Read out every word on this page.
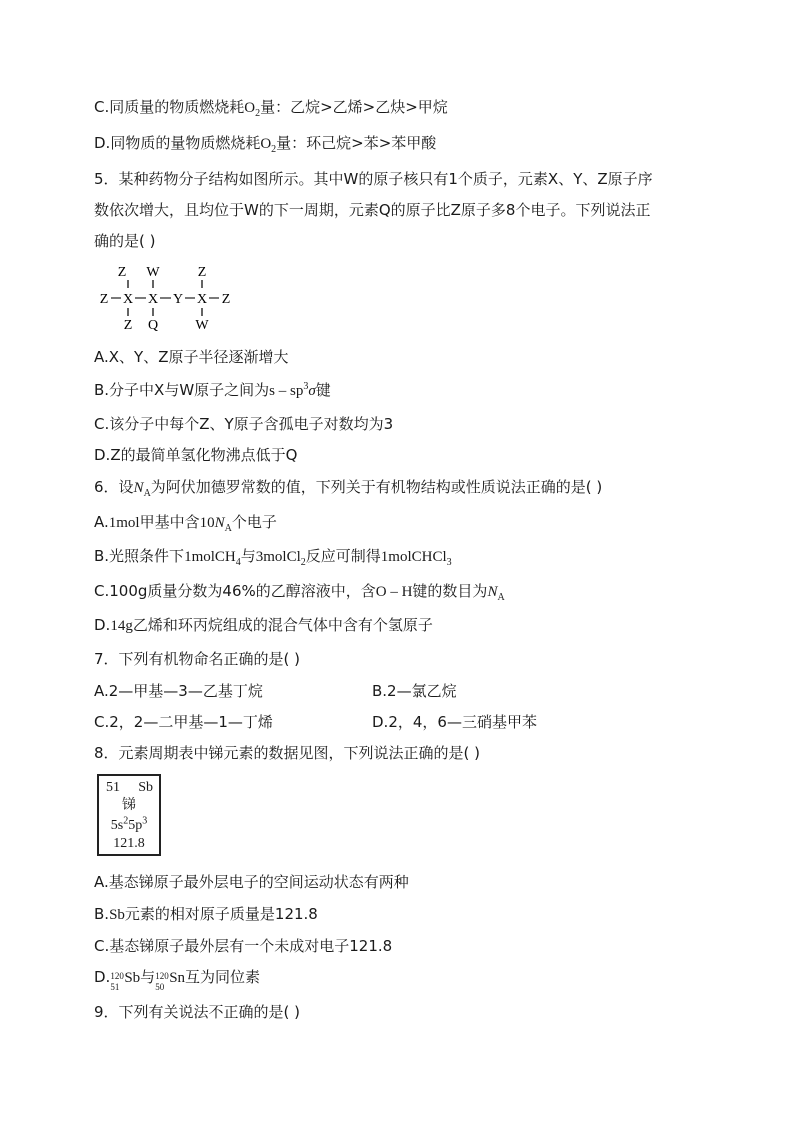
C.同质量的物质燃烧耗$O_2$量：乙烷>乙烯>乙炔>甲烷
D.同物质的量物质燃烧耗$O_2$量：环己烷>苯>苯甲酸
5．某种药物分子结构如图所示。其中W的原子核只有1个质子，元素X、Y、Z原子序
数依次增大，且均位于W的下一周期，元素Q的原子比Z原子多8个电子。下列说法正
确的是( )
Z W	Z
Z X X Y X Z
Z Q	W
A.X、Y、Z原子半径逐渐增大
B.分子中X与W原子之间为s – $sp^3\sigma$键
C.该分子中每个Z、Y原子含孤电子对数均为3
D.Z的最简单氢化物沸点低于Q
6．设$N_A$为阿伏加德罗常数的值，下列关于有机物结构或性质说法正确的是( )
A.1mol甲基中含$10N_A$个电子
B.光照条件下1molCH$_4$与3molCl$_2$反应可制得1molCHCl$_3$
C.100g质量分数为46%的乙醇溶液中，含O – H键的数目为$N_A$
D.14g乙烯和环丙烷组成的混合气体中含有个氢原子
7．下列有机物命名正确的是( )
A.2—甲基—3—乙基丁烷	B.2—氯乙烷
C.2，2—二甲基—1—丁烯	D.2，4，6—三硝基甲苯
8．元素周期表中锑元素的数据见图，下列说法正确的是( )
51 Sb
锑
$5s^25p^3$
121.8
A.基态锑原子最外层电子的空间运动状态有两种
B.Sb元素的相对原子质量是121.8
C.基态锑原子最外层有一个未成对电子121.8
D. 120
51
Sb与 120
50
Sn互为同位素
9．下列有关说法不正确的是( )
